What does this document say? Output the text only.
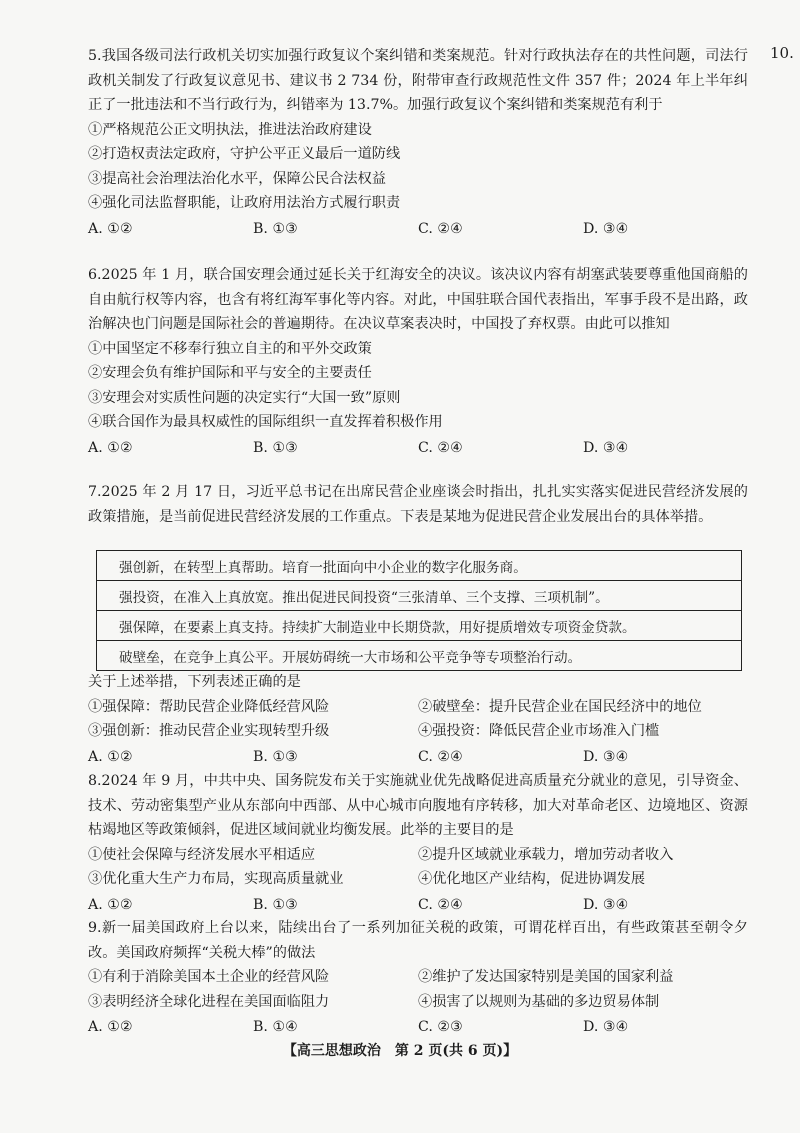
10.
5.我国各级司法行政机关切实加强行政复议个案纠错和类案规范。针对行政执法存在的共性问题，司法行政机关制发了行政复议意见书、建议书 2 734 份，附带审查行政规范性文件 357 件；2024 年上半年纠正了一批违法和不当行政行为，纠错率为 13.7%。加强行政复议个案纠错和类案规范有利于
①严格规范公正文明执法，推进法治政府建设
②打造权责法定政府，守护公平正义最后一道防线
③提高社会治理法治化水平，保障公民合法权益
④强化司法监督职能，让政府用法治方式履行职责
A. ①②	B. ①③	C. ②④	D. ③④
6.2025 年 1 月，联合国安理会通过延长关于红海安全的决议。该决议内容有胡塞武装要尊重他国商船的自由航行权等内容，也含有将红海军事化等内容。对此，中国驻联合国代表指出，军事手段不是出路，政治解决也门问题是国际社会的普遍期待。在决议草案表决时，中国投了弃权票。由此可以推知
①中国坚定不移奉行独立自主的和平外交政策
②安理会负有维护国际和平与安全的主要责任
③安理会对实质性问题的决定实行“大国一致”原则
④联合国作为最具权威性的国际组织一直发挥着积极作用
A. ①②	B. ①③	C. ②④	D. ③④
7.2025 年 2 月 17 日，习近平总书记在出席民营企业座谈会时指出，扎扎实实落实促进民营经济发展的政策措施，是当前促进民营经济发展的工作重点。下表是某地为促进民营企业发展出台的具体举措。
强创新，在转型上真帮助。培育一批面向中小企业的数字化服务商。
强投资，在准入上真放宽。推出促进民间投资“三张清单、三个支撑、三项机制”。
强保障，在要素上真支持。持续扩大制造业中长期贷款，用好提质增效专项资金贷款。
破壁垒，在竞争上真公平。开展妨碍统一大市场和公平竞争等专项整治行动。
关于上述举措，下列表述正确的是
①强保障：帮助民营企业降低经营风险	②破壁垒：提升民营企业在国民经济中的地位
③强创新：推动民营企业实现转型升级	④强投资：降低民营企业市场准入门槛
A. ①②	B. ①③	C. ②④	D. ③④
8.2024 年 9 月，中共中央、国务院发布关于实施就业优先战略促进高质量充分就业的意见，引导资金、技术、劳动密集型产业从东部向中西部、从中心城市向腹地有序转移，加大对革命老区、边境地区、资源枯竭地区等政策倾斜，促进区域间就业均衡发展。此举的主要目的是
①使社会保障与经济发展水平相适应	②提升区域就业承载力，增加劳动者收入
③优化重大生产力布局，实现高质量就业	④优化地区产业结构，促进协调发展
A. ①②	B. ①③	C. ②④	D. ③④
9.新一届美国政府上台以来，陆续出台了一系列加征关税的政策，可谓花样百出，有些政策甚至朝令夕改。美国政府频挥“关税大棒”的做法
①有利于消除美国本土企业的经营风险	②维护了发达国家特别是美国的国家利益
③表明经济全球化进程在美国面临阻力	④损害了以规则为基础的多边贸易体制
A. ①②	B. ①④	C. ②③	D. ③④
【高三思想政治　第 2 页(共 6 页)】
